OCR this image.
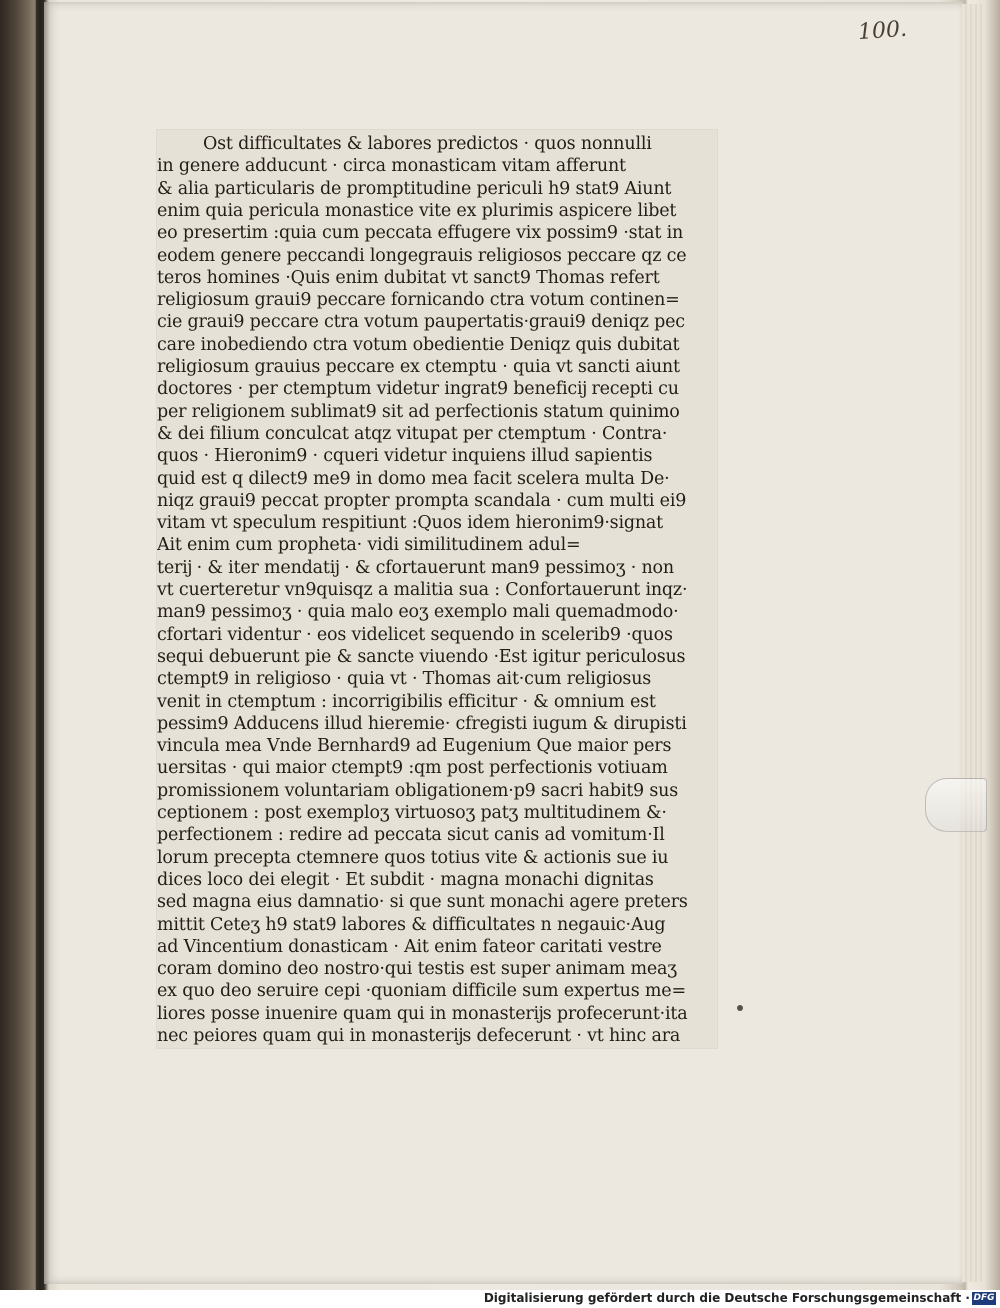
100.
Ost difficultates & labores predictos · quos nonnulli
in genere adducunt · circa monasticam vitam afferunt
& alia particularis de promptitudine periculi h9 stat9 Aiunt
enim quia pericula monastice vite ex plurimis aspicere libet
eo presertim :quia cum peccata effugere vix possim9 ·stat in
eodem genere peccandi longegrauis religiosos peccare qz ce
teros homines ·Quis enim dubitat vt sanct9 Thomas refert
religiosum graui9 peccare fornicando ctra votum continen=
cie graui9 peccare ctra votum paupertatis·graui9 deniqz pec
care inobediendo ctra votum obedientie Deniqz quis dubitat
religiosum grauius peccare ex ctemptu · quia vt sancti aiunt
doctores · per ctemptum videtur ingrat9 beneficĳ recepti cu
per religionem sublimat9 sit ad perfectionis statum quinimo
& dei filium conculcat atqz vitupat per ctemptum · Contra·
quos · Hieronim9 · cqueri videtur inquiens illud sapientis
quid est q dilect9 me9 in domo mea facit scelera multa De·
niqz graui9 peccat propter prompta scandala · cum multi ei9
vitam vt speculum respitiunt :Quos idem hieronim9·signat
Ait enim cum propheta· vidi similitudinem adul=
terĳ · & iter mendatĳ · & cfortauerunt man9 pessimoʒ · non
vt cuerteretur vn9quisqz a malitia sua : Confortauerunt inqz·
man9 pessimoʒ · quia malo eoʒ exemplo mali quemadmodo·
cfortari videntur · eos videlicet sequendo in scelerib9 ·quos
sequi debuerunt pie & sancte viuendo ·Est igitur periculosus
ctempt9 in religioso · quia vt · Thomas ait·cum religiosus
venit in ctemptum : incorrigibilis efficitur · & omnium est
pessim9 Adducens illud hieremie· cfregisti iugum & dirupisti
vincula mea Vnde Bernhard9 ad Eugenium Que maior pers
uersitas · qui maior ctempt9 :qm post perfectionis votiuam
promissionem voluntariam obligationem·p9 sacri habit9 sus
ceptionem : post exemploʒ virtuosoʒ patʒ multitudinem &·
perfectionem : redire ad peccata sicut canis ad vomitum·Il
lorum precepta ctemnere quos totius vite & actionis sue iu
dices loco dei elegit · Et subdit · magna monachi dignitas
sed magna eius damnatio· si que sunt monachi agere preters
mittit Ceteʒ h9 stat9 labores & difficultates n negauic·Aug
ad Vincentium donasticam · Ait enim fateor caritati vestre
coram domino deo nostro·qui testis est super animam meaʒ
ex quo deo seruire cepi ·quoniam difficile sum expertus me=
liores posse inuenire quam qui in monasterĳs profecerunt·ita
nec peiores quam qui in monasterĳs defecerunt · vt hinc ara
Digitalisierung gefördert durch die Deutsche Forschungsgemeinschaft · DFG
